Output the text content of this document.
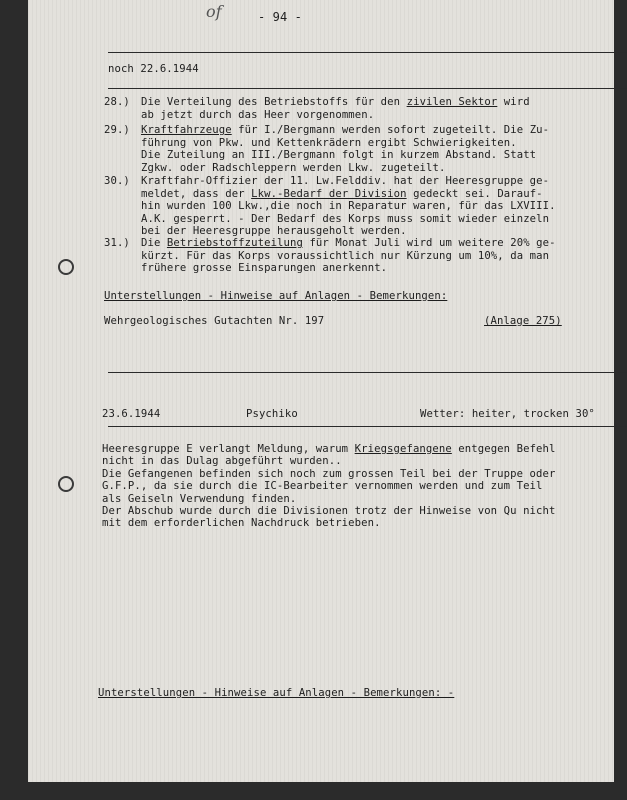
of	- 94 -
noch 22.6.1944
28.) Die Verteilung des Betriebstoffs für den zivilen Sektor wird
ab jetzt durch das Heer vorgenommen.
29.) Kraftfahrzeuge für I./Bergmann werden sofort zugeteilt. Die Zu-
führung von Pkw. und Kettenkrädern ergibt Schwierigkeiten.
Die Zuteilung an III./Bergmann folgt in kurzem Abstand. Statt
Zgkw. oder Radschleppern werden Lkw. zugeteilt.
30.) Kraftfahr-Offizier der 11. Lw.Felddiv. hat der Heeresgruppe ge-
meldet, dass der Lkw.-Bedarf der Division gedeckt sei. Darauf-
hin wurden 100 Lkw.,die noch in Reparatur waren, für das LXVIII.
A.K. gesperrt. - Der Bedarf des Korps muss somit wieder einzeln
bei der Heeresgruppe herausgeholt werden.
31.) Die Betriebstoffzuteilung für Monat Juli wird um weitere 20% ge-
kürzt. Für das Korps voraussichtlich nur Kürzung um 10%, da man
frühere grosse Einsparungen anerkennt.
Unterstellungen - Hinweise auf Anlagen - Bemerkungen:
Wehrgeologisches Gutachten Nr. 197	(Anlage 275)
23.6.1944	Psychiko	Wetter: heiter, trocken 30°
Heeresgruppe E verlangt Meldung, warum Kriegsgefangene entgegen Befehl
nicht in das Dulag abgeführt wurden..
Die Gefangenen befinden sich noch zum grossen Teil bei der Truppe oder
G.F.P., da sie durch die IC-Bearbeiter vernommen werden und zum Teil
als Geiseln Verwendung finden.
Der Abschub wurde durch die Divisionen trotz der Hinweise von Qu nicht
mit dem erforderlichen Nachdruck betrieben.
Unterstellungen - Hinweise auf Anlagen - Bemerkungen: -
